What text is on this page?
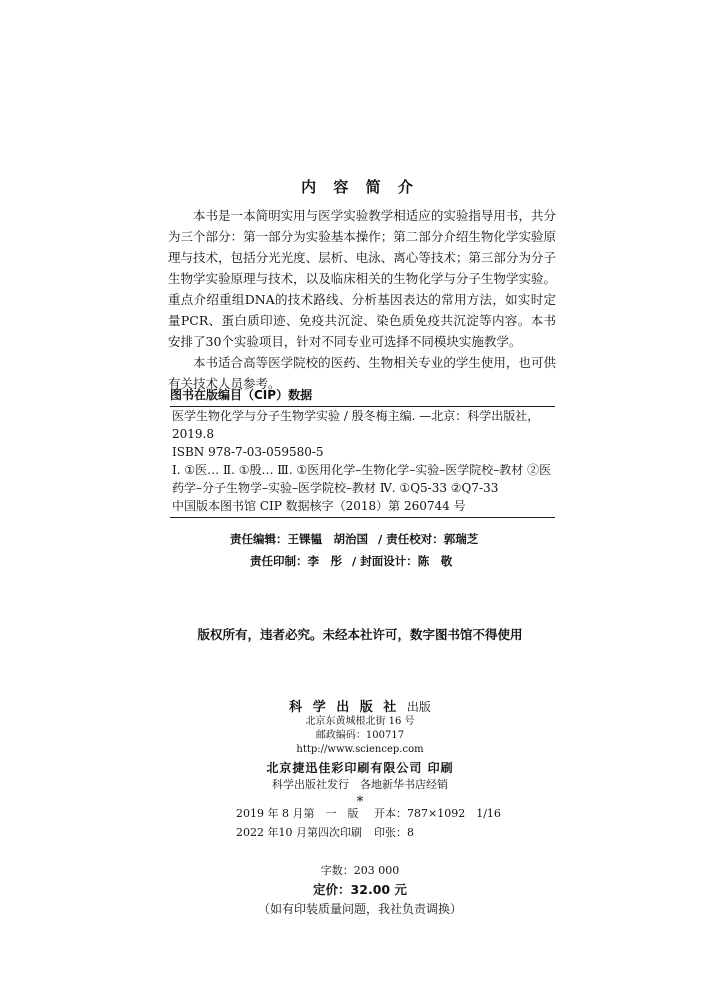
内 容 简 介

本书是一本简明实用与医学实验教学相适应的实验指导用书，共分为三个部分：第一部分为实验基本操作；第二部分介绍生物化学实验原理与技术，包括分光光度、层析、电泳、离心等技术；第三部分为分子生物学实验原理与技术，以及临床相关的生物化学与分子生物学实验。重点介绍重组DNA的技术路线、分析基因表达的常用方法，如实时定量PCR、蛋白质印迹、免疫共沉淀、染色质免疫共沉淀等内容。本书安排了30个实验项目，针对不同专业可选择不同模块实施教学。

本书适合高等医学院校的医药、生物相关专业的学生使用，也可供有关技术人员参考。

图书在版编目（CIP）数据
医学生物化学与分子生物学实验 / 殷冬梅主编. —北京：科学出版社，2019.8
ISBN 978-7-03-059580-5
Ⅰ. ①医… Ⅱ. ①殷… Ⅲ. ①医用化学–生物化学–实验–医学院校–教材 ②医药学–分子生物学–实验–医学院校–教材 Ⅳ. ①Q5-33 ②Q7-33
中国版本图书馆 CIP 数据核字（2018）第 260744 号
责任编辑：王锞韫　胡治国 / 责任校对：郭瑞芝
责任印制：李　彤 / 封面设计：陈　敬
版权所有，违者必究。未经本社许可，数字图书馆不得使用
科 学 出 版 社 出版
北京东黄城根北街 16 号
邮政编码：100717
http://www.sciencep.com
北京捷迅佳彩印刷有限公司 印刷
科学出版社发行　各地新华书店经销
*
2019 年 8 月第　一　版	开本：787×1092　1/16
2022 年10 月第四次印刷	印张：8
字数：203 000
定价：32.00 元
（如有印装质量问题，我社负责调换）
